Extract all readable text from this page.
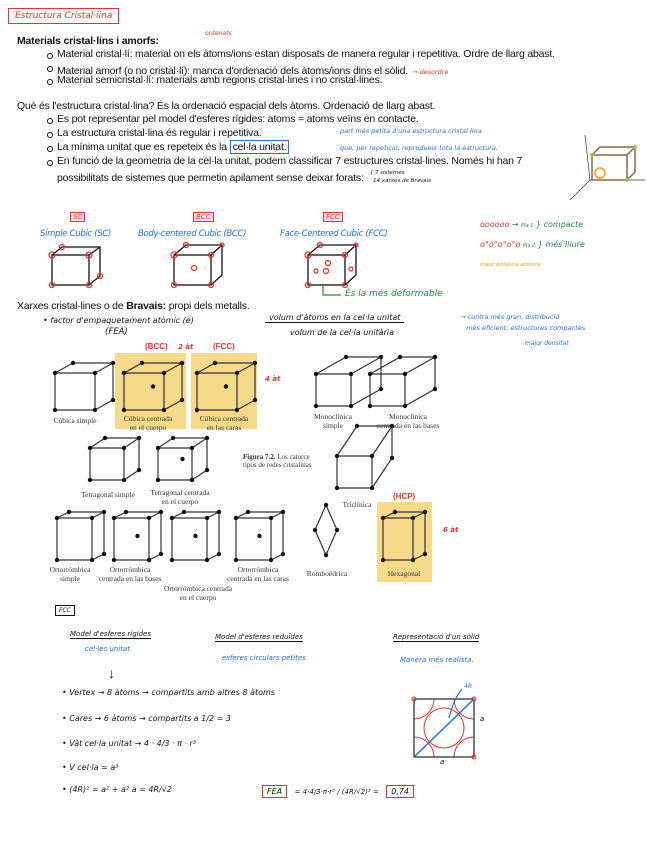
Estructura Cristal·lina
Materials cristal·lins i amorfs:
ordenats
Material cristal·lí: material on els àtoms/ions estan disposats de manera regular i repetitiva. Ordre de llarg abast.
Material amorf (o no cristal·lí): manca d'ordenació dels àtoms/ions dins el sòlid. → desordre
Material semicristal·lí: materials amb regions cristal·lines i no cristal·lines.
Què és l'estructura cristal·lina? És la ordenació espacial dels àtoms. Ordenació de llarg abast.
Es pot representar pel model d'esferes rígides: atoms = atoms veïns en contacte.
La estructura cristal·lina és regular i repetitiva.
La mínima unitat que es repeteix és la cel·la unitat.
part més petita d'una estructura cristal·lina
que, per repetició, reprodueix tota la estructura.
En funció de la geometria de la cel·la unitat, podem classificar 7 estructures cristal·lines. Només hi han 7
possibilitats de sistemes que permetin apilament sense deixar forats: { 7 sistemes
14 xarxes de Bravais
SC	BCC	FCC
Simple Cubic (SC)	Body-centered Cubic (BCC)	Face-Centered Cubic (FCC)
És la més deformable
oooooo → Pla 1 } compacte
o°o°o°o°o Pla 2 } més lliure
major distància atòmica
Xarxes cristal·lines o de Bravais: propi dels metalls.
• factor d'empaquetament atòmic (e)
(FEA)
volum d'àtoms en la cel·la unitat
volum de la cel·la unitària
→ contra més gran, distribució
més eficient: estructures compactes.
major densitat
(BCC) 2 àt (FCC)
4 àt
(HCP)
6 àt
Figura 7.2. Los catorce tipos de redes cristalinas
FCC
Model d'esferes rígides	Model d'esferes reduïdes	Representació d'un sòlid
cel·les unitat
esferes circulars petites	Manera més realista.
↓
• Vertex → 8 àtoms → compartits amb altres 8 àtoms
• Cares → 6 àtoms → compartits a 1/2 = 3
• Vàt cel·la unitat → 4 · 4/3 · π · r³
• V cel·la = a³
• (4R)² = a² + a² a = 4R/√2	FEA = 4·4/3·π·r³ / (4R/√2)³ = 0,74
4R
a
a
Cúbica simple	Cúbica centrada
en el cuerpo
Cúbica centrada
en las caras
Monoclínica
simple
Monoclínica
centrada en las bases
Tetragonal simple Tetragonal centrada
en el cuerpo	Triclínica
Ortorrómbica
simple
Ortorrómbica
centrada en las bases
Ortorrómbica centrada
en el cuerpo
Ortorrómbica
centrada en las caras
Romboédrica	Hexagonal
